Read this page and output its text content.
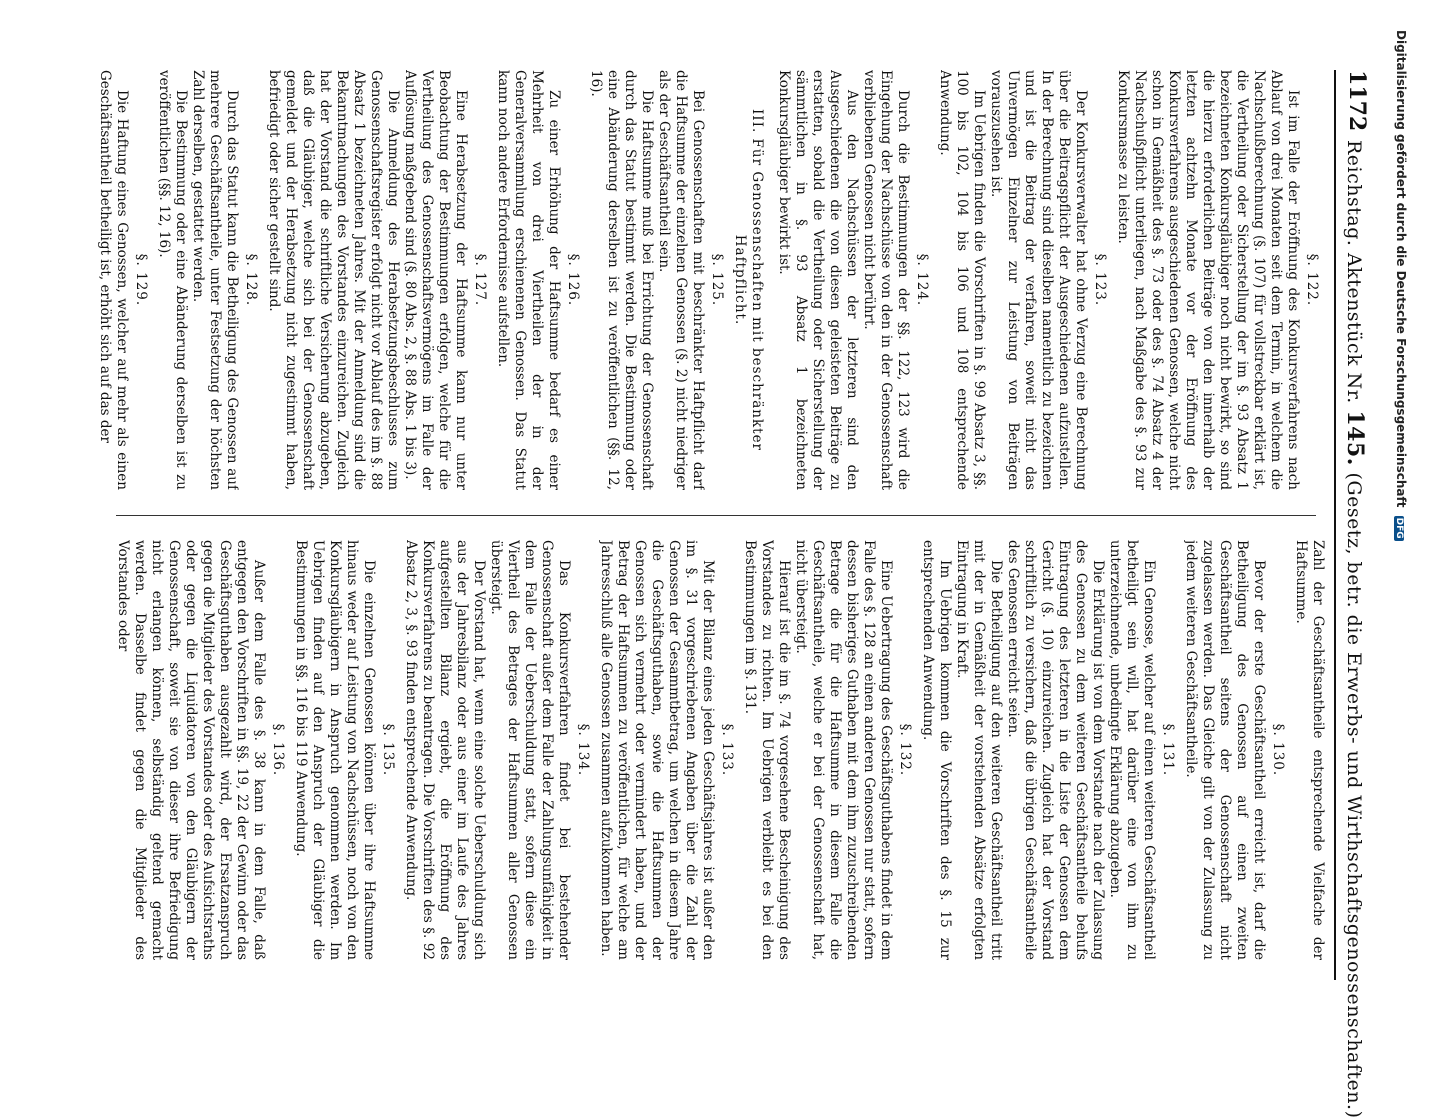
1172
Reichstag. Aktenstück Nr. 145. (Gesetz, betr. die Erwerbs- und Wirthschaftsgenossenschaften.)
§. 122.
Ist im Falle der Eröffnung des Konkursverfahrens nach Ablauf von drei Monaten seit dem Termin, in welchem die Nachschußberechnung (§. 107) für vollstreckbar erklärt ist, die Vertheilung oder Sicherstellung der im §. 93 Absatz 1 bezeichneten Konkursgläubiger noch nicht bewirkt, so sind die hierzu erforderlichen Beiträge von den innerhalb der letzten achtzehn Monate vor der Eröffnung des Konkursverfahrens ausgeschiedenen Genossen, welche nicht schon in Gemäßheit des §. 73 oder des §. 74 Absatz 4 der Nachschußpflicht unterliegen, nach Maßgabe des §. 93 zur Konkursmasse zu leisten.
§. 123.
Der Konkursverwalter hat ohne Verzug eine Berechnung über die Beitragspflicht der Ausgeschiedenen aufzustellen. In der Berechnung sind dieselben namentlich zu bezeichnen und ist die Beitrag der verfahren, soweit nicht das Unvermögen Einzelner zur Leistung von Beiträgen vorauszusehen ist.
Im Uebrigen finden die Vorschriften in §. 99 Absatz 3, §§. 100 bis 102, 104 bis 106 und 108 entsprechende Anwendung.
§. 124.
Durch die Bestimmungen der §§. 122, 123 wird die Eingehung der Nachschüsse von den in der Genossenschaft verbliebenen Genossen nicht berührt.
Aus den Nachschüssen der letzteren sind den Ausgeschiedenen die von diesen geleisteten Beiträge zu erstatten, sobald die Vertheilung oder Sicherstellung der sämmtlichen in §. 93 Absatz 1 bezeichneten Konkursgläubiger bewirkt ist.
III. Für Genossenschaften mit beschränkter Haftpflicht.
§. 125.
Bei Genossenschaften mit beschränkter Haftpflicht darf die Haftsumme der einzelnen Genossen (§. 2) nicht niedriger als der Geschäftsantheil sein.
Die Haftsumme muß bei Errichtung der Genossenschaft durch das Statut bestimmt werden. Die Bestimmung oder eine Abänderung derselben ist zu veröffentlichen (§§. 12, 16).
§. 126.
Zu einer Erhöhung der Haftsumme bedarf es einer Mehrheit von drei Viertheilen der in der Generalversammlung erschienenen Genossen. Das Statut kann noch andere Erfordernisse aufstellen.
§. 127.
Eine Herabsetzung der Haftsumme kann nur unter Beobachtung der Bestimmungen erfolgen, welche für die Vertheilung des Genossenschaftsvermögens im Falle der Auflösung maßgebend sind (§. 80 Abs. 2, §. 88 Abs. 1 bis 3).
Die Anmeldung des Herabsetzungsbeschlusses zum Genossenschaftsregister erfolgt nicht vor Ablauf des im §. 88 Absatz 1 bezeichneten Jahres. Mit der Anmeldung sind die Bekanntmachungen des Vorstandes einzureichen. Zugleich hat der Vorstand die schriftliche Versicherung abzugeben, daß die Gläubiger, welche sich bei der Genossenschaft gemeldet und der Herabsetzung nicht zugestimmt haben, befriedigt oder sicher gestellt sind.
§. 128.
Durch das Statut kann die Betheiligung des Genossen auf mehrere Geschäftsantheile, unter Festsetzung der höchsten Zahl derselben, gestattet werden.
Die Bestimmung oder eine Abänderung derselben ist zu veröffentlichen (§§. 12, 16).
§. 129.
Die Haftung eines Genossen, welcher auf mehr als einen Geschäftsantheil betheiligt ist, erhöht sich auf das der
Zahl der Geschäftsantheile entsprechende Vielfache der Haftsumme.
§. 130.
Bevor der erste Geschäftsantheil erreicht ist, darf die Betheiligung des Genossen auf einen zweiten Geschäftsantheil seitens der Genossenschaft nicht zugelassen werden. Das Gleiche gilt von der Zulassung zu jedem weiteren Geschäftsantheile.
§. 131.
Ein Genosse, welcher auf einen weiteren Geschäftsantheil betheiligt sein will, hat darüber eine von ihm zu unterzeichnende, unbedingte Erklärung abzugeben.
Die Erklärung ist von dem Vorstande nach der Zulassung des Genossen zu dem weiteren Geschäftsantheile behufs Eintragung des letzteren in die Liste der Genossen dem Gericht (§. 10) einzureichen. Zugleich hat der Vorstand schriftlich zu versichern, daß die übrigen Geschäftsantheile des Genossen erreicht seien.
Die Betheiligung auf den weiteren Geschäftsantheil tritt mit der in Gemäßheit der vorstehenden Absätze erfolgten Eintragung in Kraft.
Im Uebrigen kommen die Vorschriften des §. 15 zur entsprechenden Anwendung.
§. 132.
Eine Uebertragung des Geschäftsguthabens findet in dem Falle des §. 128 an einen anderen Genossen nur statt, sofern dessen bisheriges Guthaben mit dem ihm zuzuschreibenden Betrage die für die Haftsumme in diesem Falle die Geschäftsantheile, welche er bei der Genossenschaft hat, nicht übersteigt.
Hierauf ist die im §. 74 vorgesehene Bescheinigung des Vorstandes zu richten. Im Uebrigen verbleibt es bei den Bestimmungen im §. 131.
§. 133.
Mit der Bilanz eines jeden Geschäftsjahres ist außer den im §. 31 vorgeschriebenen Angaben über die Zahl der Genossen der Gesammtbetrag, um welchen in diesem Jahre die Geschäftsguthaben, sowie die Haftsummen der Genossen sich vermehrt oder vermindert haben, und der Betrag der Haftsummen zu veröffentlichen, für welche am Jahresschluß alle Genossen zusammen aufzukommen haben.
§. 134.
Das Konkursverfahren findet bei bestehender Genossenschaft außer dem Falle der Zahlungsunfähigkeit in dem Falle der Ueberschuldung statt, sofern diese ein Viertheil des Betrages der Haftsummen aller Genossen übersteigt.
Der Vorstand hat, wenn eine solche Ueberschuldung sich aus der Jahresbilanz oder aus einer im Laufe des Jahres aufgestellten Bilanz ergiebt, die Eröffnung des Konkursverfahrens zu beantragen. Die Vorschriften des §. 92 Absatz 2, 3, §. 93 finden entsprechende Anwendung.
§. 135.
Die einzelnen Genossen können über ihre Haftsumme hinaus weder auf Leistung von Nachschüssen, noch von den Konkursgläubigern in Anspruch genommen werden. Im Uebrigen finden auf den Anspruch der Gläubiger die Bestimmungen in §§. 116 bis 119 Anwendung.
§. 136.
Außer dem Falle des §. 38 kann in dem Falle, daß entgegen den Vorschriften in §§. 19, 22 der Gewinn oder das Geschäftsguthaben ausgezahlt wird, der Ersatzanspruch gegen die Mitglieder des Vorstandes oder des Aufsichtsraths oder gegen die Liquidatoren von den Gläubigern der Genossenschaft, soweit sie von dieser ihre Befriedigung nicht erlangen können, selbständig geltend gemacht werden. Dasselbe findet gegen die Mitglieder des Vorstandes oder
Digitalisierung gefördert durch die Deutsche Forschungsgemeinschaft DFG
